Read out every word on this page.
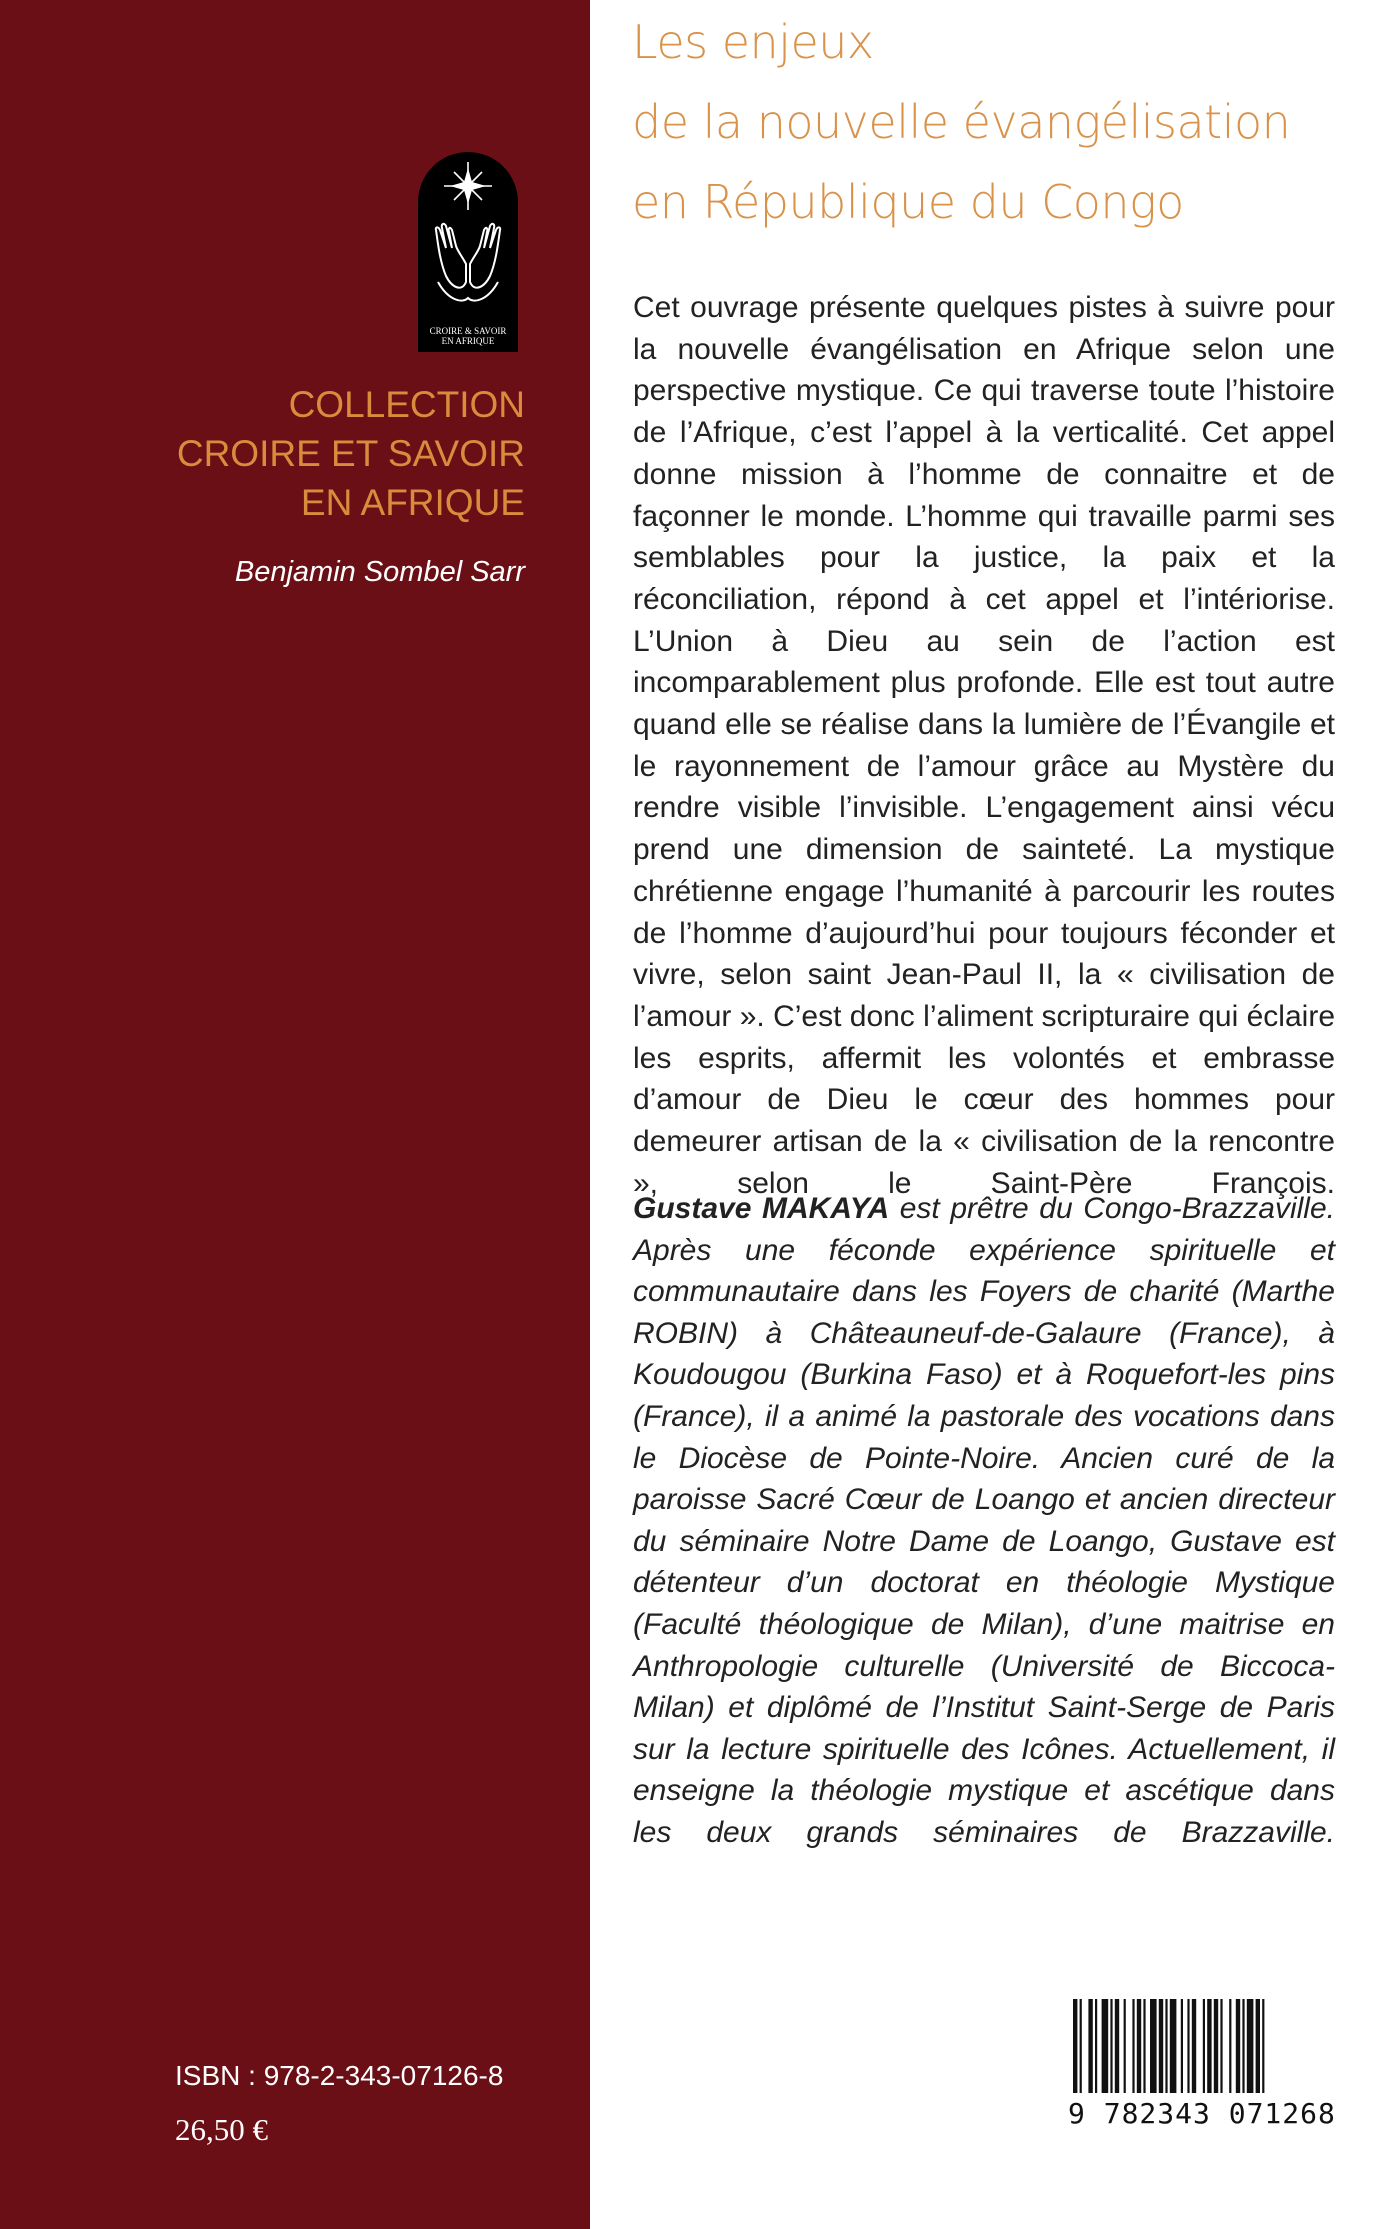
CROIRE & SAVOIR
EN AFRIQUE
COLLECTION
CROIRE ET SAVOIR
EN AFRIQUE
Benjamin Sombel Sarr
ISBN : 978-2-343-07126-8
26,50 €
Les enjeux
de la nouvelle évangélisation
en République du Congo

Cet ouvrage présente quelques pistes à suivre pour la nouvelle évangélisation en Afrique selon une perspective mystique. Ce qui traverse toute l’histoire de l’Afrique, c’est l’appel à la verticalité. Cet appel donne mission à l’homme de connaitre et de façonner le monde. L’homme qui travaille parmi ses semblables pour la justice, la paix et la réconciliation, répond à cet appel et l’intériorise. L’Union à Dieu au sein de l’action est incomparablement plus profonde. Elle est tout autre quand elle se réalise dans la lumière de l’Évangile et le rayonnement de l’amour grâce au Mystère du rendre visible l’invisible. L’engagement ainsi vécu prend une dimension de sainteté. La mystique chrétienne engage l’humanité à parcourir les routes de l’homme d’aujourd’hui pour toujours féconder et vivre, selon saint Jean-Paul II, la « civilisation de l’amour ». C’est donc l’aliment scripturaire qui éclaire les esprits, affermit les volontés et embrasse d’amour de Dieu le cœur des hommes pour demeurer artisan de la « civilisation de la rencontre », selon le Saint-Père François.

Gustave MAKAYA est prêtre du Congo-Brazzaville. Après une féconde expérience spirituelle et communautaire dans les Foyers de charité (Marthe ROBIN) à Châteauneuf-de-Galaure (France), à Koudougou (Burkina Faso) et à Roquefort-les pins (France), il a animé la pastorale des vocations dans le Diocèse de Pointe-Noire. Ancien curé de la paroisse Sacré Cœur de Loango et ancien directeur du séminaire Notre Dame de Loango, Gustave est détenteur d’un doctorat en théologie Mystique (Faculté théologique de Milan), d’une maitrise en Anthropologie culturelle (Université de Biccoca-Milan) et diplômé de l’Institut Saint-Serge de Paris sur la lecture spirituelle des Icônes. Actuellement, il enseigne la théologie mystique et ascétique dans les deux grands séminaires de Brazzaville.

9 782343 071268
